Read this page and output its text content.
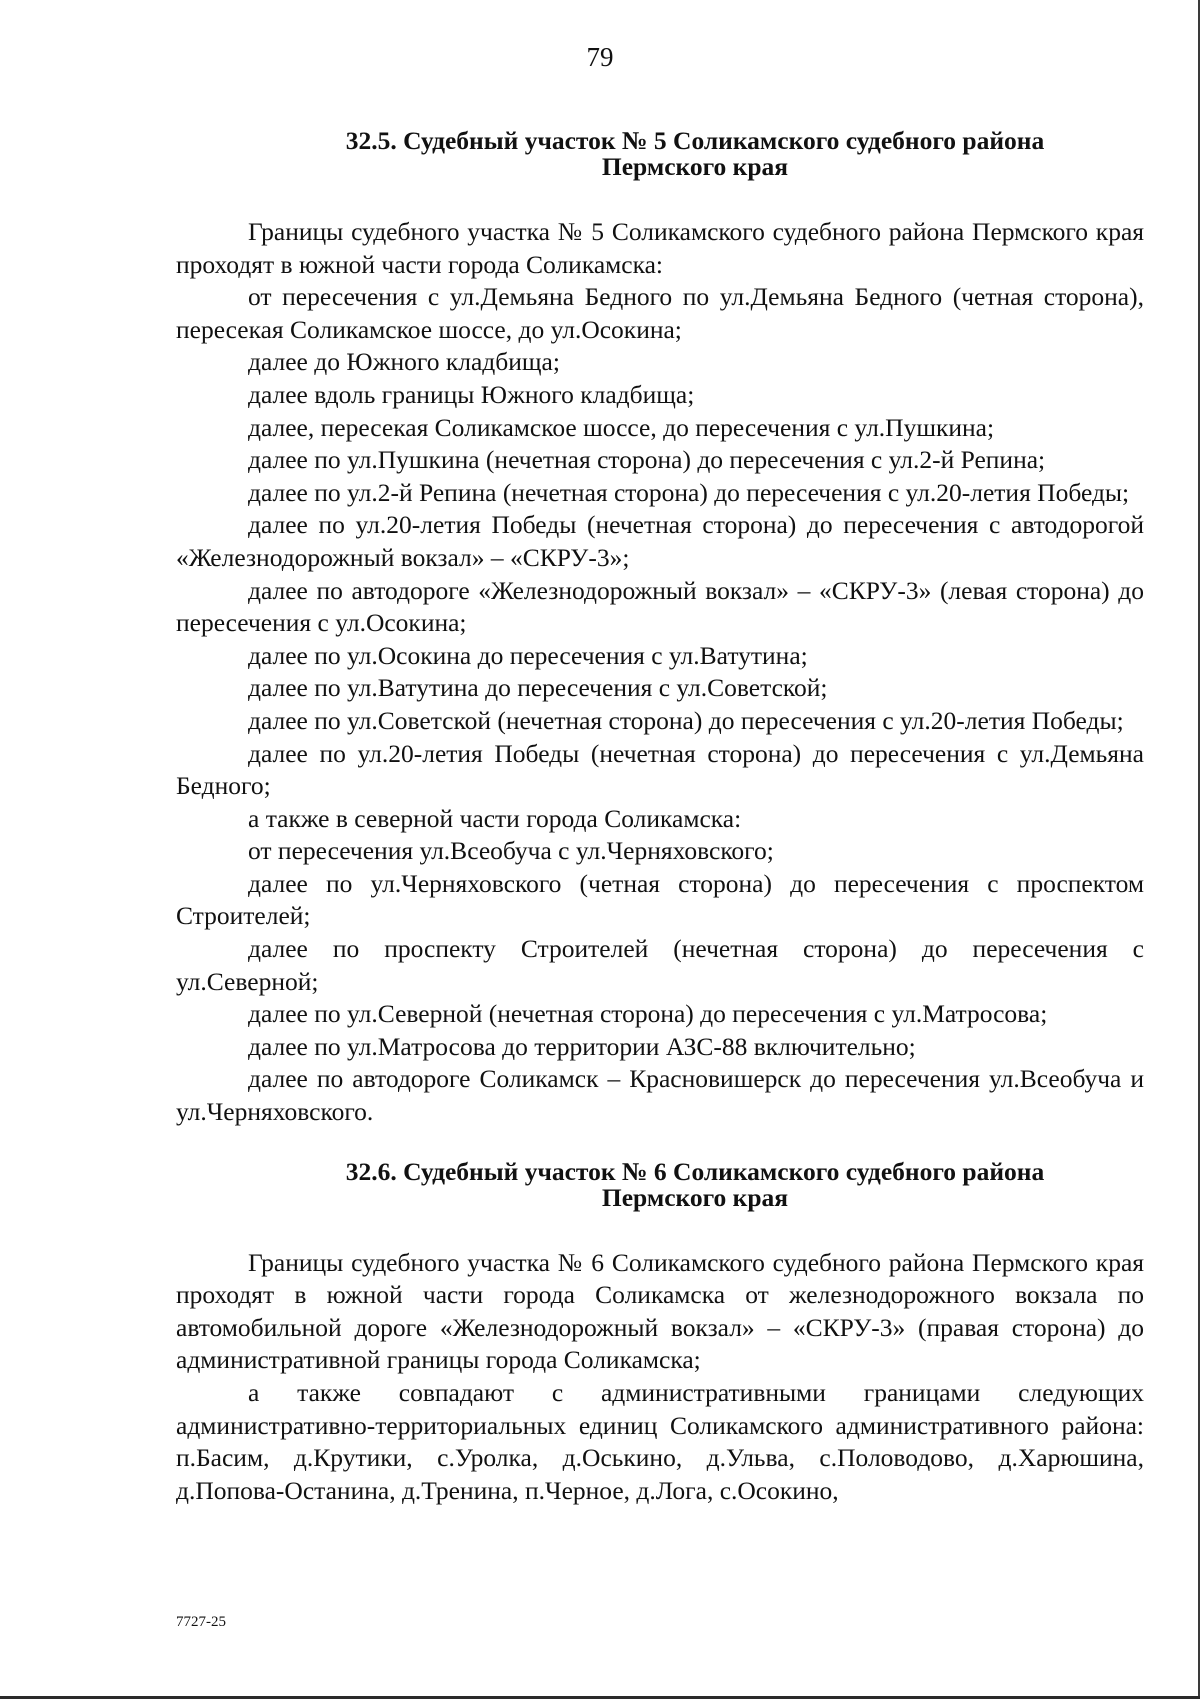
79
32.5. Судебный участок № 5 Соликамского судебного района
Пермского края

Границы судебного участка № 5 Соликамского судебного района Пермского края проходят в южной части города Соликамска:

от пересечения с ул.Демьяна Бедного по ул.Демьяна Бедного (четная сторона), пересекая Соликамское шоссе, до ул.Осокина;

далее до Южного кладбища;

далее вдоль границы Южного кладбища;

далее, пересекая Соликамское шоссе, до пересечения с ул.Пушкина;

далее по ул.Пушкина (нечетная сторона) до пересечения с ул.2-й Репина;

далее по ул.2-й Репина (нечетная сторона) до пересечения с ул.20-летия Победы;

далее по ул.20-летия Победы (нечетная сторона) до пересечения с автодорогой «Железнодорожный вокзал» – «СКРУ-3»;

далее по автодороге «Железнодорожный вокзал» – «СКРУ-3» (левая сторона) до пересечения с ул.Осокина;

далее по ул.Осокина до пересечения с ул.Ватутина;

далее по ул.Ватутина до пересечения с ул.Советской;

далее по ул.Советской (нечетная сторона) до пересечения с ул.20-летия Победы;

далее по ул.20-летия Победы (нечетная сторона) до пересечения с ул.Демьяна Бедного;

а также в северной части города Соликамска:

от пересечения ул.Всеобуча с ул.Черняховского;

далее по ул.Черняховского (четная сторона) до пересечения с проспектом Строителей;

далее по проспекту Строителей (нечетная сторона) до пересечения с ул.Северной;

далее по ул.Северной (нечетная сторона) до пересечения с ул.Матросова;

далее по ул.Матросова до территории АЗС-88 включительно;

далее по автодороге Соликамск – Красновишерск до пересечения ул.Всеобуча и ул.Черняховского.

32.6. Судебный участок № 6 Соликамского судебного района
Пермского края

Границы судебного участка № 6 Соликамского судебного района Пермского края проходят в южной части города Соликамска от железнодорожного вокзала по автомобильной дороге «Железнодорожный вокзал» – «СКРУ-3» (правая сторона) до административной границы города Соликамска;

а также совпадают с административными границами следующих административно-территориальных единиц Соликамского административного района: п.Басим, д.Крутики, с.Уролка, д.Оськино, д.Ульва, с.Половодово, д.Харюшина, д.Попова-Останина, д.Тренина, п.Черное, д.Лога, с.Осокино,

7727-25
